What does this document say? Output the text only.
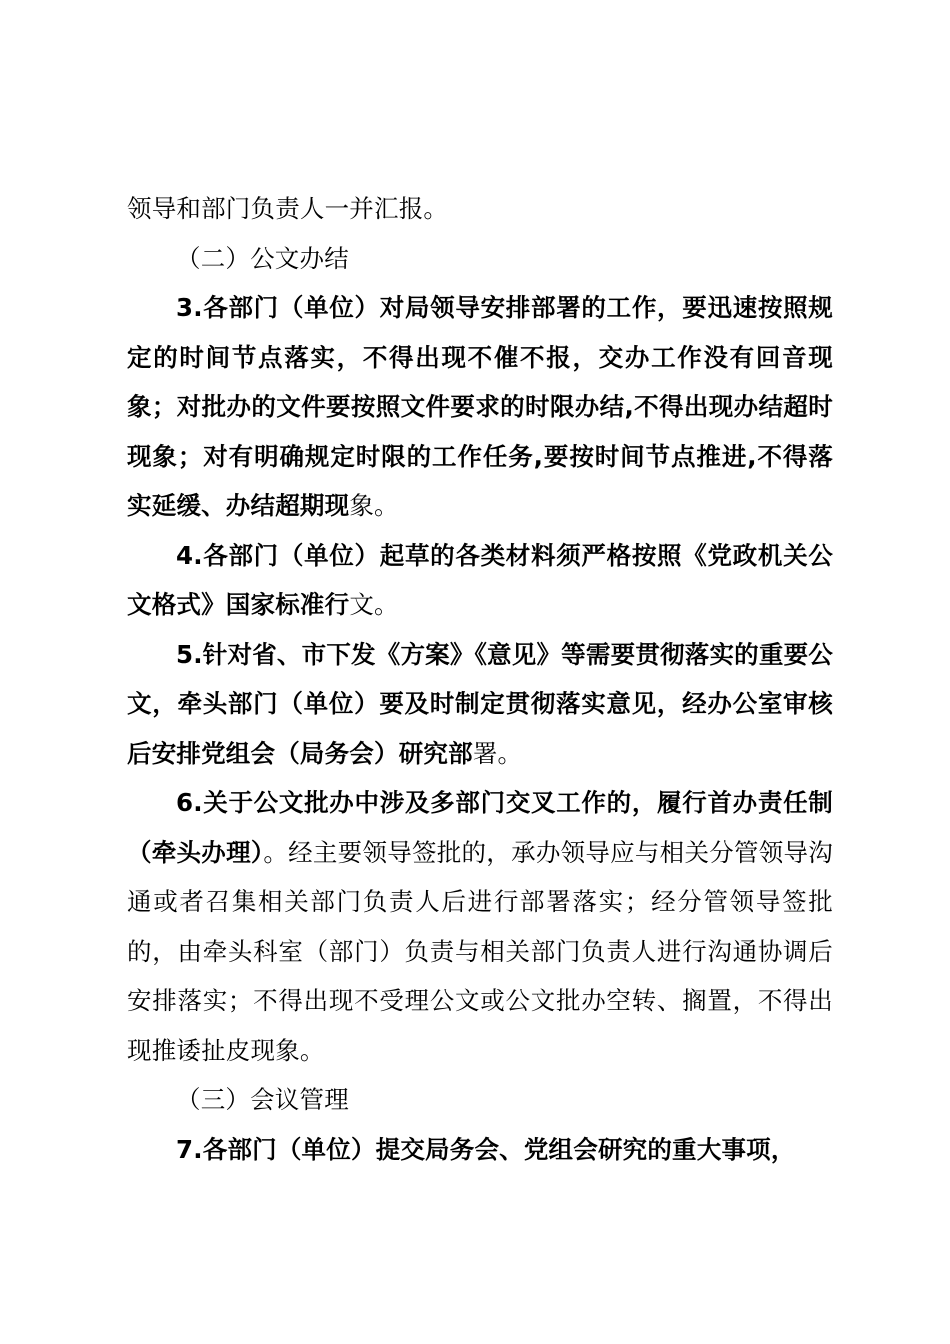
领导和部门负责人一并汇报。

（二）公文办结

3.各部门（单位）对局领导安排部署的工作，要迅速按照规定的时间节点落实，不得出现不催不报，交办工作没有回音现象；对批办的文件要按照文件要求的时限办结,不得出现办结超时现象；对有明确规定时限的工作任务,要按时间节点推进,不得落实延缓、办结超期现象。

4.各部门（单位）起草的各类材料须严格按照《党政机关公文格式》国家标准行文。

5.针对省、市下发《方案》《意见》等需要贯彻落实的重要公文，牵头部门（单位）要及时制定贯彻落实意见，经办公室审核后安排党组会（局务会）研究部署。

6.关于公文批办中涉及多部门交叉工作的，履行首办责任制（牵头办理）。经主要领导签批的，承办领导应与相关分管领导沟通或者召集相关部门负责人后进行部署落实；经分管领导签批的，由牵头科室（部门）负责与相关部门负责人进行沟通协调后安排落实；不得出现不受理公文或公文批办空转、搁置，不得出现推诿扯皮现象。

（三）会议管理

7.各部门（单位）提交局务会、党组会研究的重大事项，
